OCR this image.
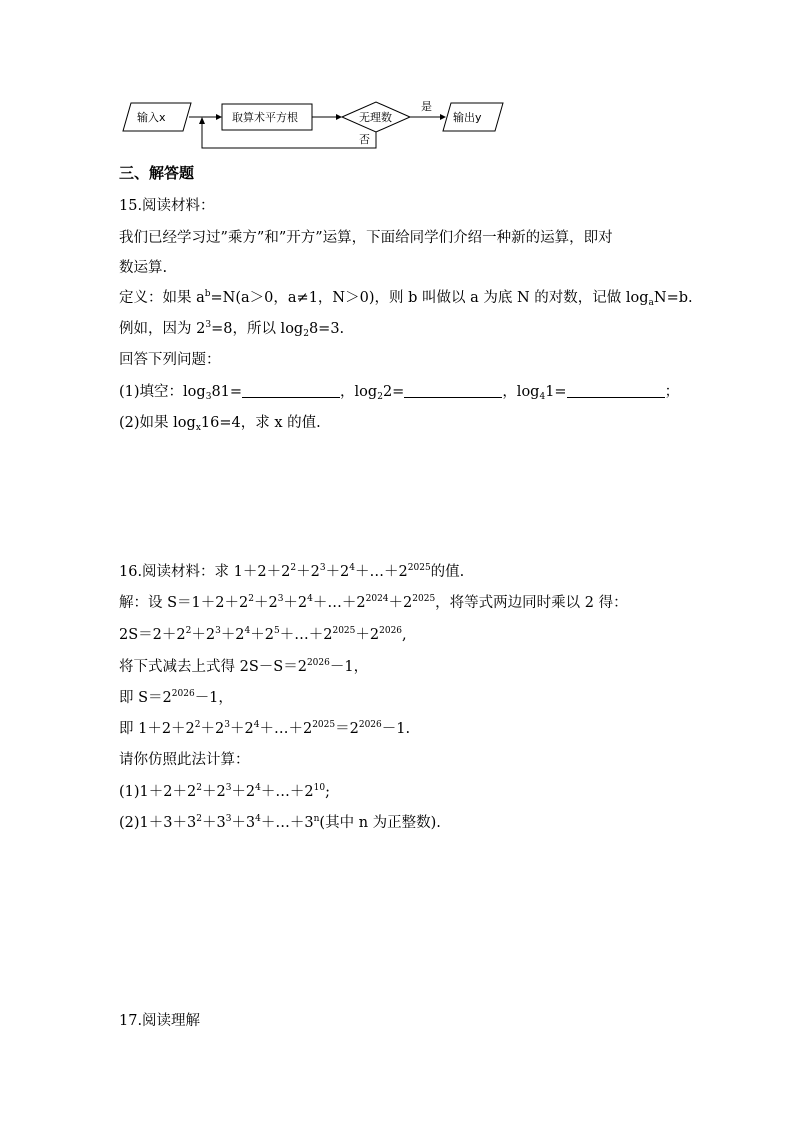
输入x	取算术平方根	无理数
是
输出y
否
三、解答题
15.阅读材料：
我们已经学习过”乘方”和”开方”运算，下面给同学们介绍一种新的运算，即对
数运算.
定义：如果 $a^b=N(a>0$，a≠1，N＞0)，则 b 叫做以 a 为底 N 的对数，记做 $\log_aN=b$.
例如，因为 $2^3=8$，所以 $\log_28=3$.
回答下列问题：
(1)填空：$\log_381=$	，$\log_22=$	，$\log_41=$	；
(2)如果 $\log_x16=4$，求 x 的值.
16.阅读材料：求 $1+2+2^2+2^3+2^4+\dots+2^{2025}$的值.
解：设 $S=1+2+2^2+2^3+2^4+\dots+2^{2024}+2^{2025}$，将等式两边同时乘以 2 得：
$2S=2+2^2+2^3+2^4+2^5+\dots+2^{2025}+2^{2026}$,
将下式减去上式得 $2S-S=2^{2026}-1$，
即 $S=2^{2026}-1$，
即 $1+2+2^2+2^3+2^4+\dots+2^{2025}=2^{2026}-1$.
请你仿照此法计算：
$(1)1+2+2^2+2^3+2^4+\dots+2^{10}$;
$(2)1+3+3^2+3^3+3^4+\dots+3^n$(其中 n 为正整数).
17.阅读理解
